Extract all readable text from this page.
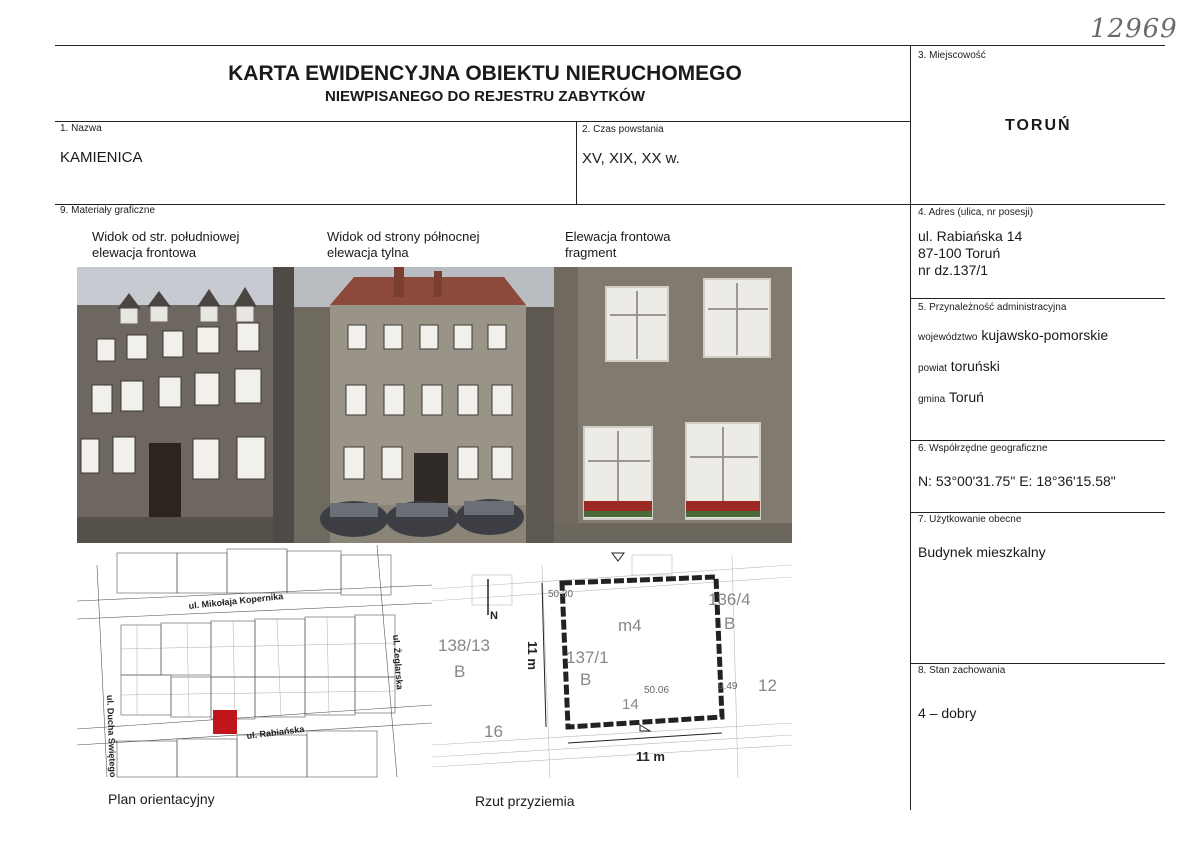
12969
KARTA EWIDENCYJNA OBIEKTU NIERUCHOMEGO
NIEWPISANEGO DO REJESTRU ZABYTKÓW
1. Nazwa
KAMIENICA
2. Czas powstania
XV, XIX, XX w.
9. Materiały graficzne
3. Miejscowość
TORUŃ
4. Adres (ulica, nr posesji)
ul. Rabiańska 14
87-100 Toruń
nr dz.137/1
5. Przynależność administracyjna
województwo kujawsko-pomorskie
powiat toruński
gmina Toruń
6. Współrzędne geograficzne
N: 53°00'31.75" E: 18°36'15.58"
7. Użytkowanie obecne
Budynek mieszkalny
8. Stan zachowania
4 – dobry
Widok od str. południowej
elewacja frontowa
Widok od strony północnej
elewacja tylna
Elewacja frontowa
fragment
ul. Mikołaja Kopernika
ul. Ducha Świętego
ul. Żeglarska
ul. Rabiańska
N
11 m
11 m
m4
137/1
B
138/13
B
136/4
B
14
16
12
50.06
50.30
9.49
Plan orientacyjny	Rzut przyziemia
